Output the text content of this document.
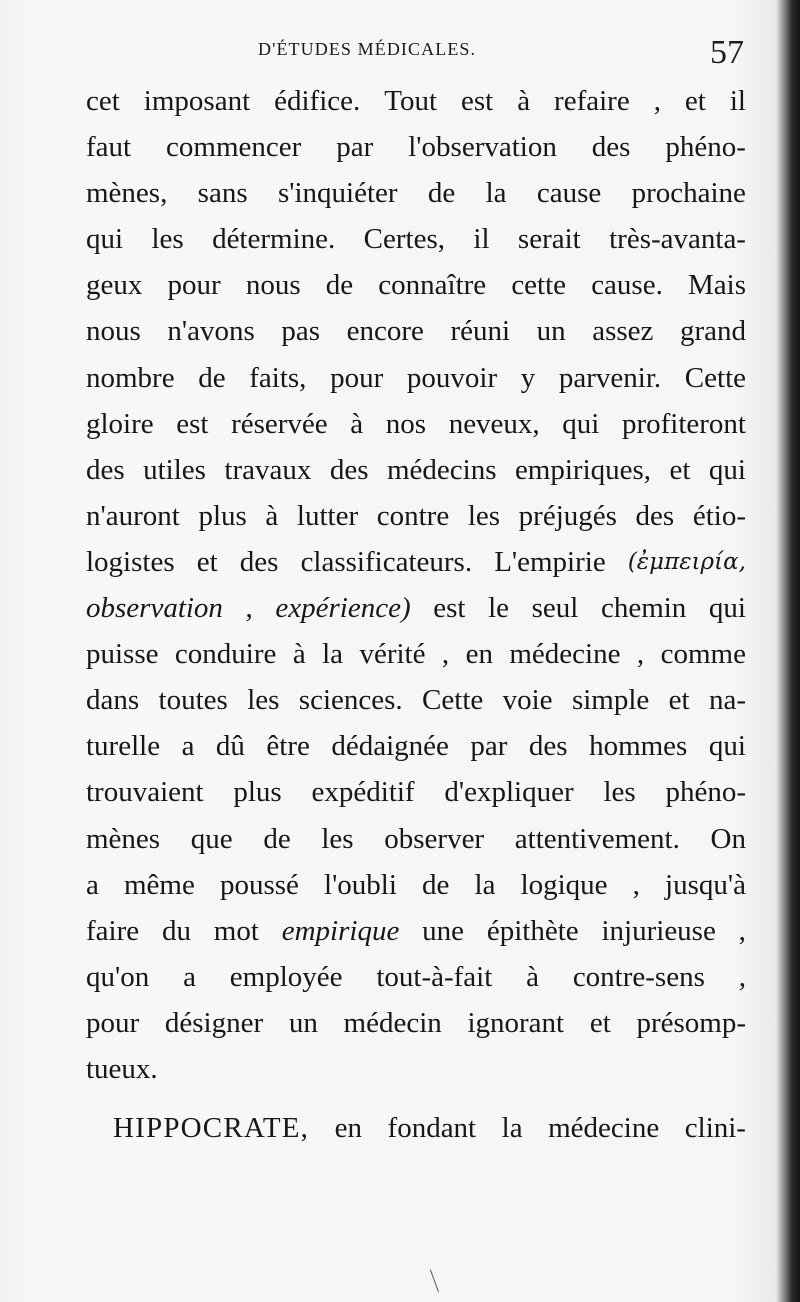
D'ÉTUDES MÉDICALES.	57
cet imposant édifice. Tout est à refaire , et il
faut commencer par l'observation des phéno-
mènes, sans s'inquiéter de la cause prochaine
qui les détermine. Certes, il serait très-avanta-
geux pour nous de connaître cette cause. Mais
nous n'avons pas encore réuni un assez grand
nombre de faits, pour pouvoir y parvenir. Cette
gloire est réservée à nos neveux, qui profiteront
des utiles travaux des médecins empiriques, et qui
n'auront plus à lutter contre les préjugés des étio-
logistes et des classificateurs. L'empirie (ἐμπειρία,
observation , expérience) est le seul chemin qui
puisse conduire à la vérité , en médecine , comme
dans toutes les sciences. Cette voie simple et na-
turelle a dû être dédaignée par des hommes qui
trouvaient plus expéditif d'expliquer les phéno-
mènes que de les observer attentivement. On
a même poussé l'oubli de la logique , jusqu'à
faire du mot empirique une épithète injurieuse ,
qu'on a employée tout-à-fait à contre-sens ,
pour désigner un médecin ignorant et présomp-
tueux.
HIPPOCRATE, en fondant la médecine clini-
